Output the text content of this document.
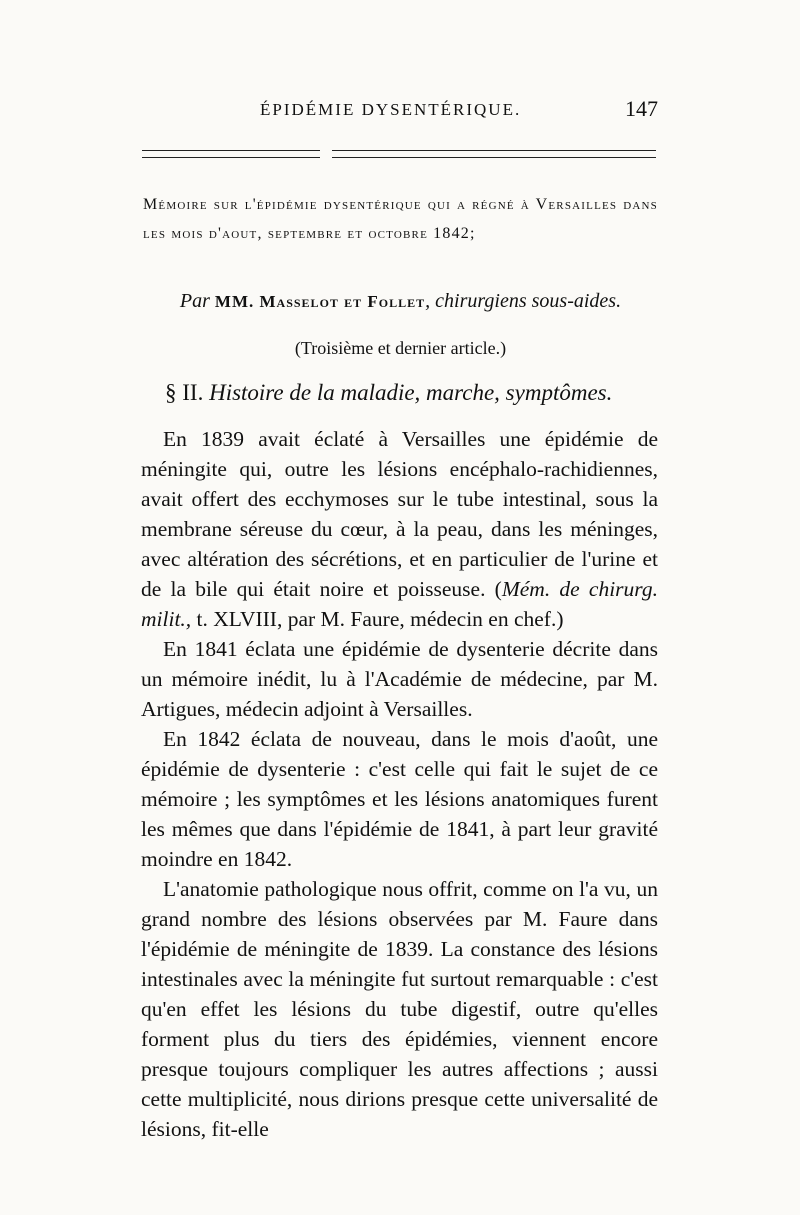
ÉPIDÉMIE DYSENTÉRIQUE.	147
Mémoire sur l'épidémie dysentérique qui a régné à Versailles dans les mois d'aout, septembre et octobre 1842;
Par MM. Masselot et Follet, chirurgiens sous-aides.
(Troisième et dernier article.)
§ II. Histoire de la maladie, marche, symptômes.

En 1839 avait éclaté à Versailles une épidémie de méningite qui, outre les lésions encéphalo-rachidiennes, avait offert des ecchymoses sur le tube intestinal, sous la membrane séreuse du cœur, à la peau, dans les méninges, avec altération des sécrétions, et en particulier de l'urine et de la bile qui était noire et poisseuse. (Mém. de chirurg. milit., t. XLVIII, par M. Faure, médecin en chef.)

En 1841 éclata une épidémie de dysenterie décrite dans un mémoire inédit, lu à l'Académie de médecine, par M. Artigues, médecin adjoint à Versailles.

En 1842 éclata de nouveau, dans le mois d'août, une épidémie de dysenterie : c'est celle qui fait le sujet de ce mémoire ; les symptômes et les lésions anatomiques furent les mêmes que dans l'épidémie de 1841, à part leur gravité moindre en 1842.

L'anatomie pathologique nous offrit, comme on l'a vu, un grand nombre des lésions observées par M. Faure dans l'épidémie de méningite de 1839. La constance des lésions intestinales avec la méningite fut surtout remarquable : c'est qu'en effet les lésions du tube digestif, outre qu'elles forment plus du tiers des épidémies, viennent encore presque toujours compliquer les autres affections ; aussi cette multiplicité, nous dirions presque cette universalité de lésions, fit-elle
